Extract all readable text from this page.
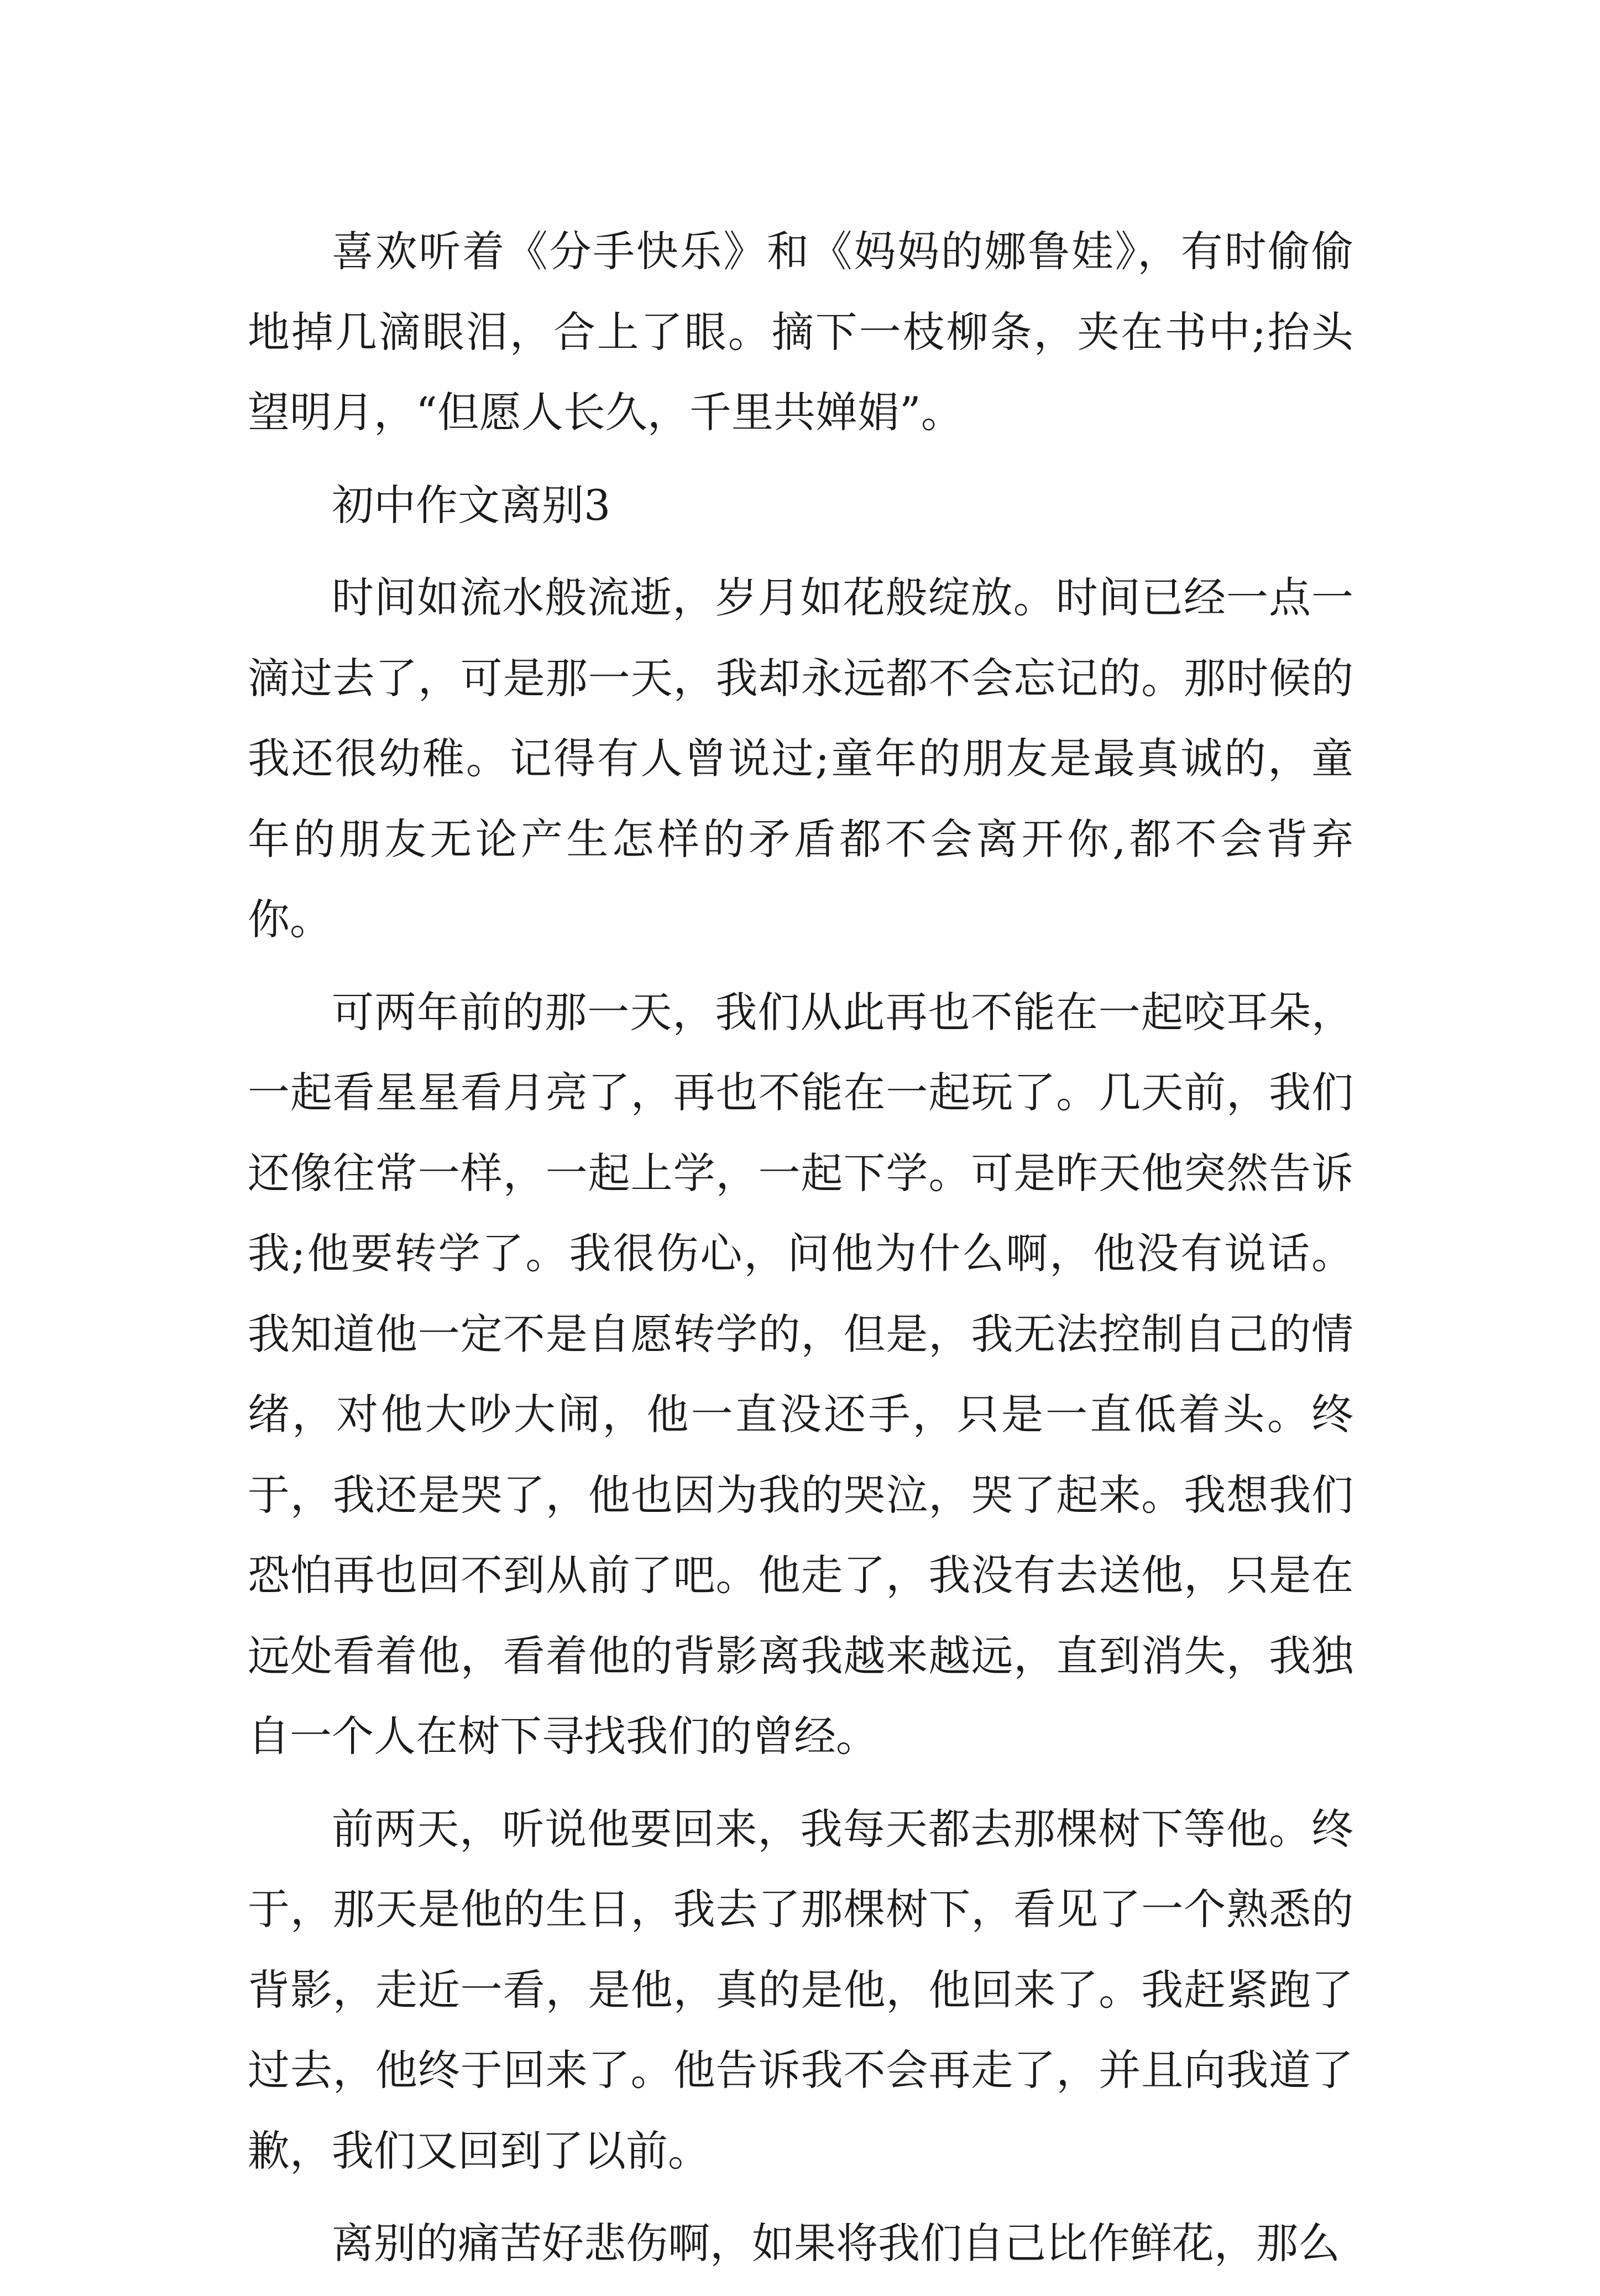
喜欢听着《分手快乐》和《妈妈的娜鲁娃》，有时偷偷地掉几滴眼泪，合上了眼。摘下一枝柳条，夹在书中;抬头望明月，“但愿人长久，千里共婵娟”。

初中作文离别3

时间如流水般流逝，岁月如花般绽放。时间已经一点一滴过去了，可是那一天，我却永远都不会忘记的。那时候的我还很幼稚。记得有人曾说过;童年的朋友是最真诚的，童年的朋友无论产生怎样的矛盾都不会离开你,都不会背弃你。

可两年前的那一天，我们从此再也不能在一起咬耳朵，一起看星星看月亮了，再也不能在一起玩了。几天前，我们还像往常一样，一起上学，一起下学。可是昨天他突然告诉我;他要转学了。我很伤心，问他为什么啊，他没有说话。我知道他一定不是自愿转学的，但是，我无法控制自己的情绪，对他大吵大闹，他一直没还手，只是一直低着头。终于，我还是哭了，他也因为我的哭泣，哭了起来。我想我们恐怕再也回不到从前了吧。他走了，我没有去送他，只是在远处看着他，看着他的背影离我越来越远，直到消失，我独自一个人在树下寻找我们的曾经。

前两天，听说他要回来，我每天都去那棵树下等他。终于，那天是他的生日，我去了那棵树下，看见了一个熟悉的背影，走近一看，是他，真的是他，他回来了。我赶紧跑了过去，他终于回来了。他告诉我不会再走了，并且向我道了歉，我们又回到了以前。

离别的痛苦好悲伤啊，如果将我们自己比作鲜花，那么
